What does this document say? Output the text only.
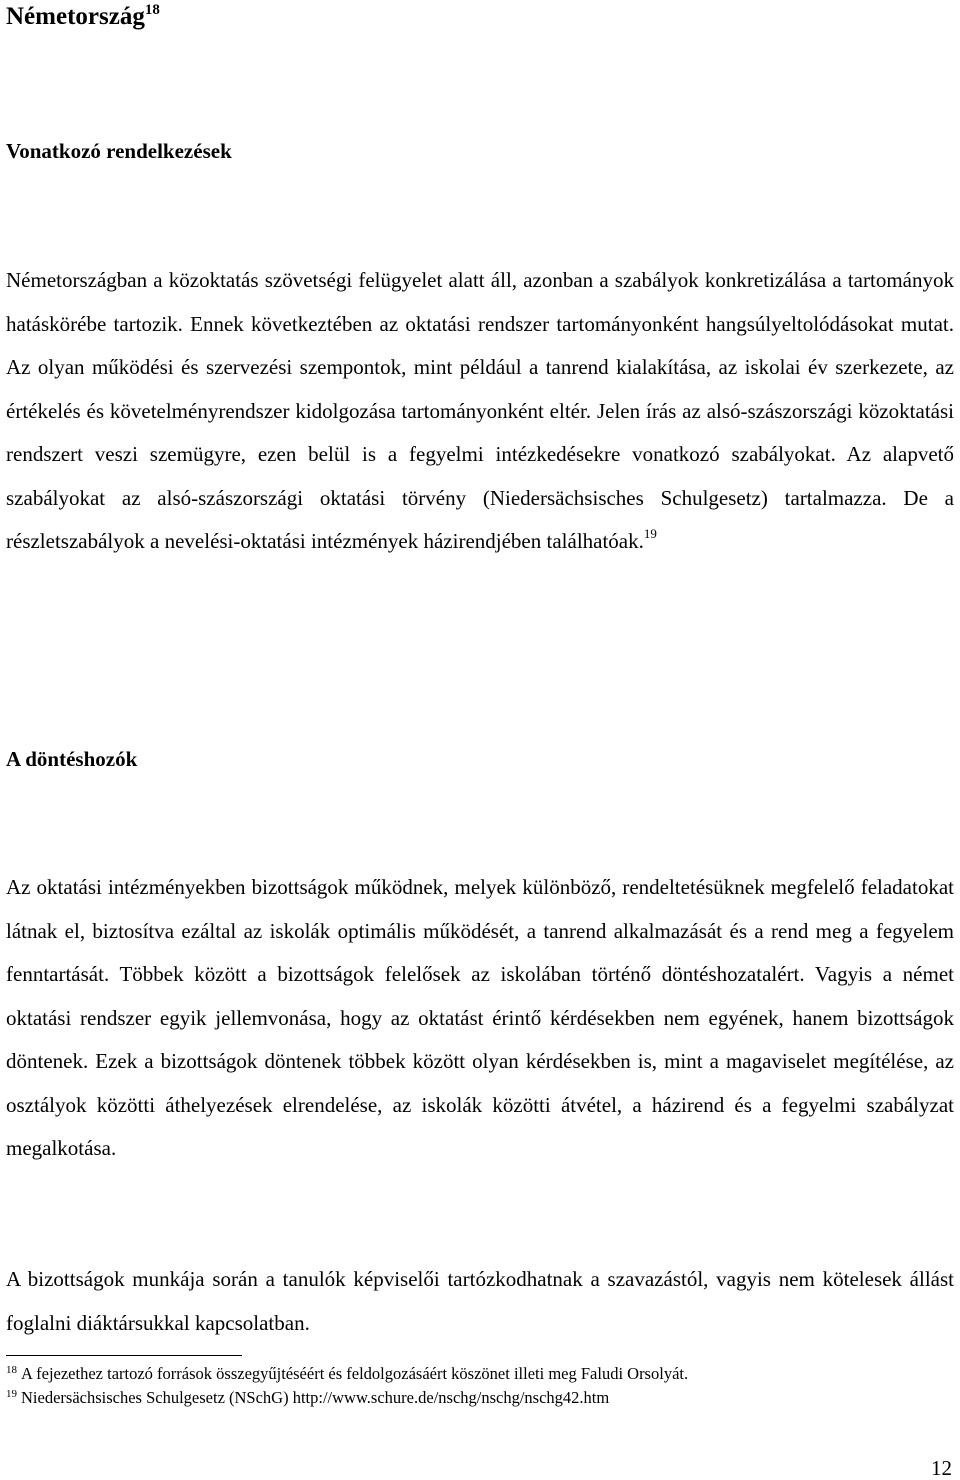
Németország$^{18}$
Vonatkozó rendelkezések

Németországban a közoktatás szövetségi felügyelet alatt áll, azonban a szabályok konkretizálása a tartományok hatáskörébe tartozik. Ennek következtében az oktatási rendszer tartományonként hangsúlyeltolódásokat mutat. Az olyan működési és szervezési szempontok, mint például a tanrend kialakítása, az iskolai év szerkezete, az értékelés és követelményrendszer kidolgozása tartományonként eltér. Jelen írás az alsó-szászországi közoktatási rendszert veszi szemügyre, ezen belül is a fegyelmi intézkedésekre vonatkozó szabályokat. Az alapvető szabályokat az alsó-szászországi oktatási törvény (Niedersächsisches Schulgesetz) tartalmazza. De a részletszabályok a nevelési-oktatási intézmények házirendjében találhatóak.$^{19}$

A döntéshozók

Az oktatási intézményekben bizottságok működnek, melyek különböző, rendeltetésüknek megfelelő feladatokat látnak el, biztosítva ezáltal az iskolák optimális működését, a tanrend alkalmazását és a rend meg a fegyelem fenntartását. Többek között a bizottságok felelősek az iskolában történő döntéshozatalért. Vagyis a német oktatási rendszer egyik jellemvonása, hogy az oktatást érintő kérdésekben nem egyének, hanem bizottságok döntenek. Ezek a bizottságok döntenek többek között olyan kérdésekben is, mint a magaviselet megítélése, az osztályok közötti áthelyezések elrendelése, az iskolák közötti átvétel, a házirend és a fegyelmi szabályzat megalkotása.

A bizottságok munkája során a tanulók képviselői tartózkodhatnak a szavazástól, vagyis nem kötelesek állást foglalni diáktársukkal kapcsolatban.

$^{18}$ A fejezethez tartozó források összegyűjtéséért és feldolgozásáért köszönet illeti meg Faludi Orsolyát.

$^{19}$ Niedersächsisches Schulgesetz (NSchG) http://www.schure.de/nschg/nschg/nschg42.htm

12
